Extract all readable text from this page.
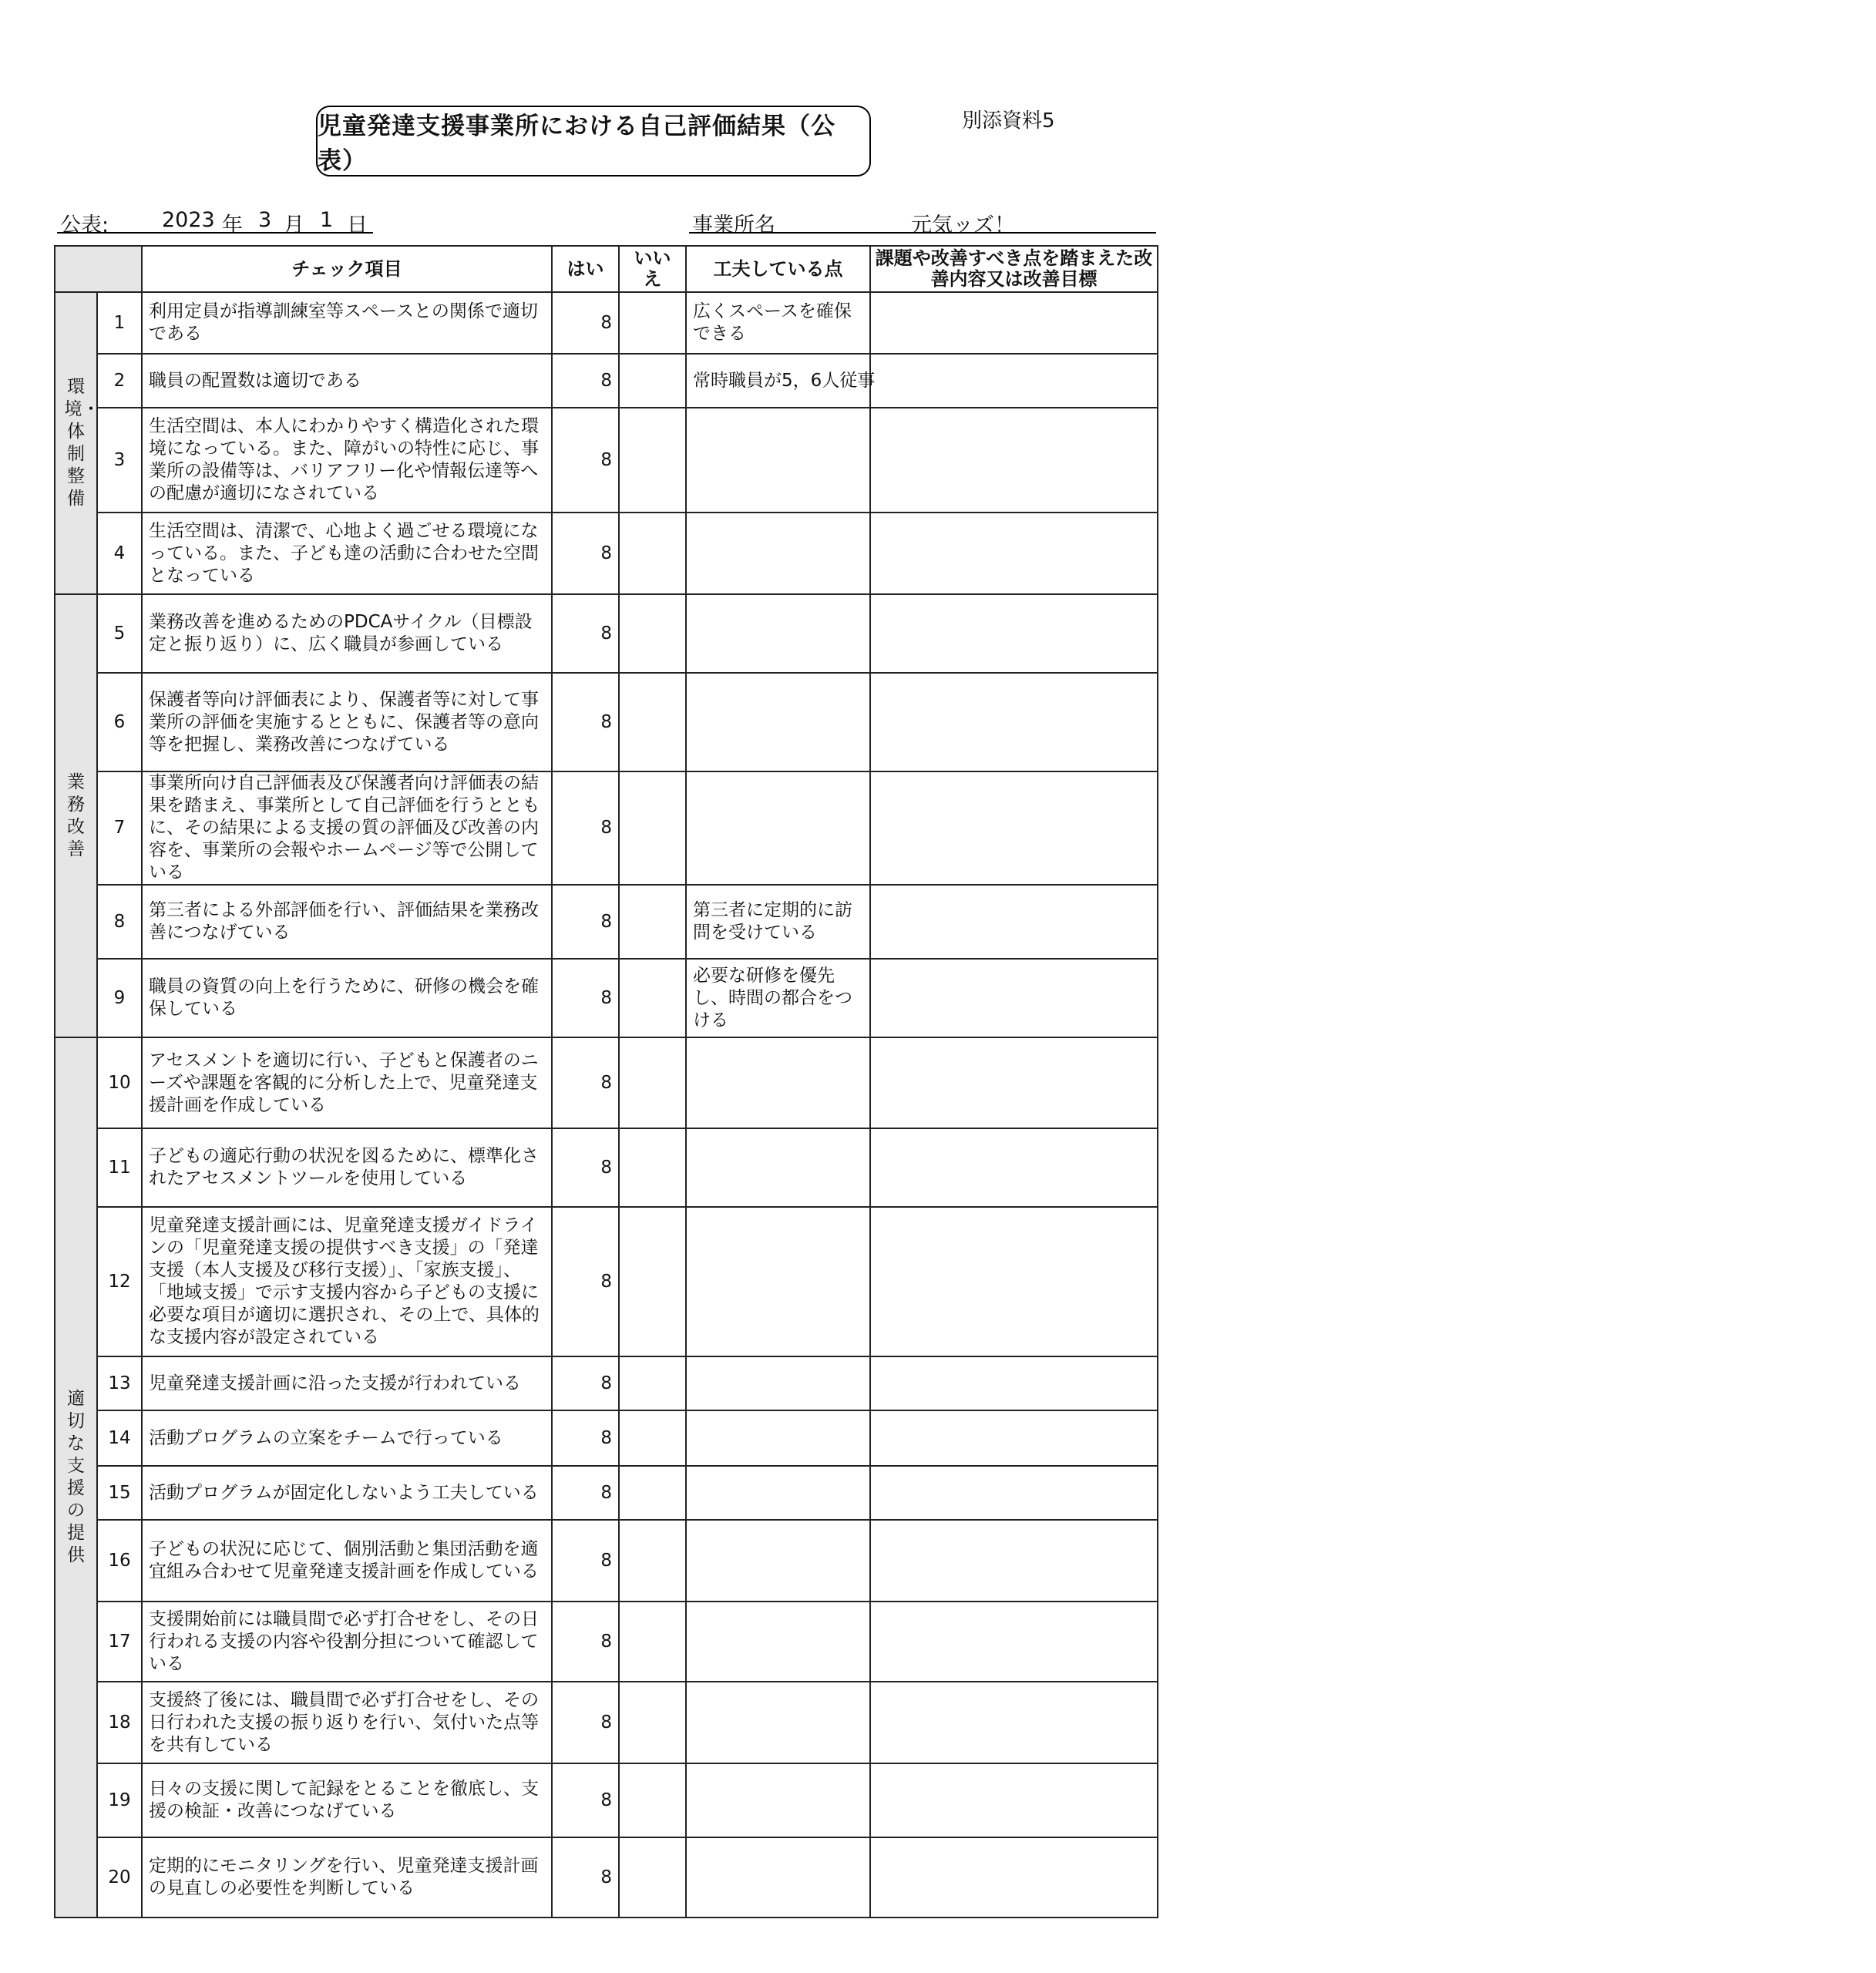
児童発達支援事業所における自己評価結果（公表）
別添資料5
公表:	2023 年 3 月 1 日	事業所名	元気ッズ！
		チェック項目	はい	いいえ	工夫している点	課題や改善すべき点を踏まえた改善内容又は改善目標
環境・体制整備	1	利用定員が指導訓練室等スペースとの関係で適切である	8		広くスペースを確保できる	
	2	職員の配置数は適切である	8		常時職員が5，6人従事	
	3	生活空間は、本人にわかりやすく構造化された環境になっている。また、障がいの特性に応じ、事業所の設備等は、バリアフリー化や情報伝達等への配慮が適切になされている	8			
	4	生活空間は、清潔で、心地よく過ごせる環境になっている。また、子ども達の活動に合わせた空間となっている	8			
業務改善	5	業務改善を進めるためのPDCAサイクル（目標設定と振り返り）に、広く職員が参画している	8			
	6	保護者等向け評価表により、保護者等に対して事業所の評価を実施するとともに、保護者等の意向等を把握し、業務改善につなげている	8			
	7	事業所向け自己評価表及び保護者向け評価表の結果を踏まえ、事業所として自己評価を行うとともに、その結果による支援の質の評価及び改善の内容を、事業所の会報やホームページ等で公開している	8			
	8	第三者による外部評価を行い、評価結果を業務改善につなげている	8		第三者に定期的に訪問を受けている	
	9	職員の資質の向上を行うために、研修の機会を確保している	8		必要な研修を優先し、時間の都合をつける	
適切な支援の提供	10	アセスメントを適切に行い、子どもと保護者のニーズや課題を客観的に分析した上で、児童発達支援計画を作成している	8			
	11	子どもの適応行動の状況を図るために、標準化されたアセスメントツールを使用している	8			
	12	児童発達支援計画には、児童発達支援ガイドラインの「児童発達支援の提供すべき支援」の「発達支援（本人支援及び移行支援）」、「家族支援」、「地域支援」で示す支援内容から子どもの支援に必要な項目が適切に選択され、その上で、具体的な支援内容が設定されている	8			
	13	児童発達支援計画に沿った支援が行われている	8			
	14	活動プログラムの立案をチームで行っている	8			
	15	活動プログラムが固定化しないよう工夫している	8			
	16	子どもの状況に応じて、個別活動と集団活動を適宜組み合わせて児童発達支援計画を作成している	8			
	17	支援開始前には職員間で必ず打合せをし、その日行われる支援の内容や役割分担について確認している	8			
	18	支援終了後には、職員間で必ず打合せをし、その日行われた支援の振り返りを行い、気付いた点等を共有している	8			
	19	日々の支援に関して記録をとることを徹底し、支援の検証・改善につなげている	8			
	20	定期的にモニタリングを行い、児童発達支援計画の見直しの必要性を判断している	8			
